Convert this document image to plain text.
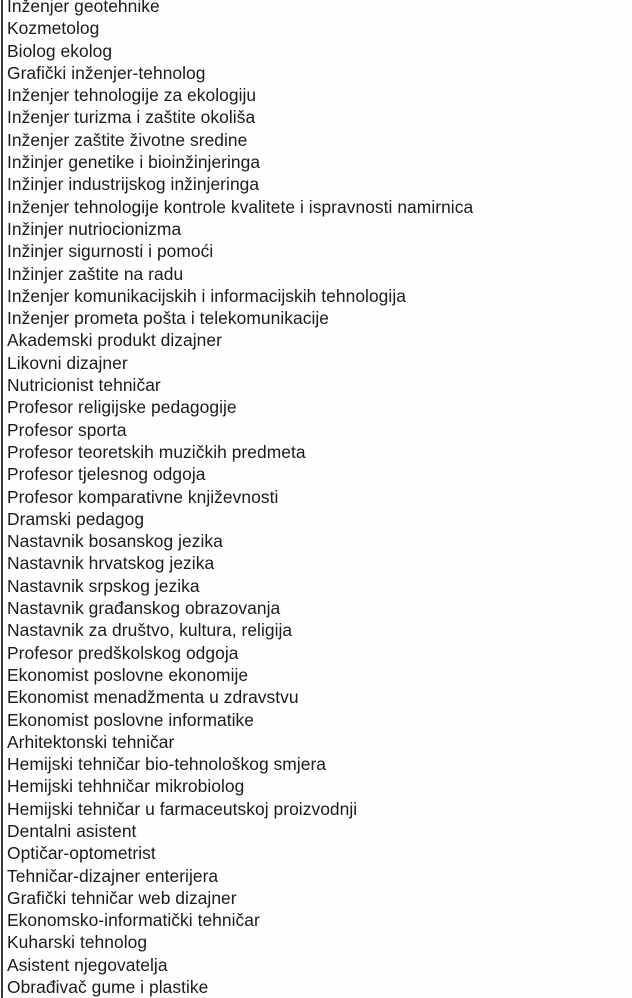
Inženjer geotehnike
Kozmetolog
Biolog ekolog
Grafički inženjer-tehnolog
Inženjer tehnologije za ekologiju
Inženjer turizma i zaštite okoliša
Inženjer zaštite životne sredine
Inžinjer genetike i bioinžinjeringa
Inžinjer industrijskog inžinjeringa
Inženjer tehnologije kontrole kvalitete i ispravnosti namirnica
Inžinjer nutriocionizma
Inžinjer sigurnosti i pomoći
Inžinjer zaštite na radu
Inženjer komunikacijskih i informacijskih tehnologija
Inženjer prometa pošta i telekomunikacije
Akademski produkt dizajner
Likovni dizajner
Nutricionist tehničar
Profesor religijske pedagogije
Profesor sporta
Profesor teoretskih muzičkih predmeta
Profesor tjelesnog odgoja
Profesor komparativne književnosti
Dramski pedagog
Nastavnik bosanskog jezika
Nastavnik hrvatskog jezika
Nastavnik srpskog jezika
Nastavnik građanskog obrazovanja
Nastavnik za društvo, kultura, religija
Profesor predškolskog odgoja
Ekonomist poslovne ekonomije
Ekonomist menadžmenta u zdravstvu
Ekonomist poslovne informatike
Arhitektonski tehničar
Hemijski tehničar bio-tehnološkog smjera
Hemijski tehhničar mikrobiolog
Hemijski tehničar u farmaceutskoj proizvodnji
Dentalni asistent
Optičar-optometrist
Tehničar-dizajner enterijera
Grafički tehničar web dizajner
Ekonomsko-informatički tehničar
Kuharski tehnolog
Asistent njegovatelja
Obrađivač gume i plastike
